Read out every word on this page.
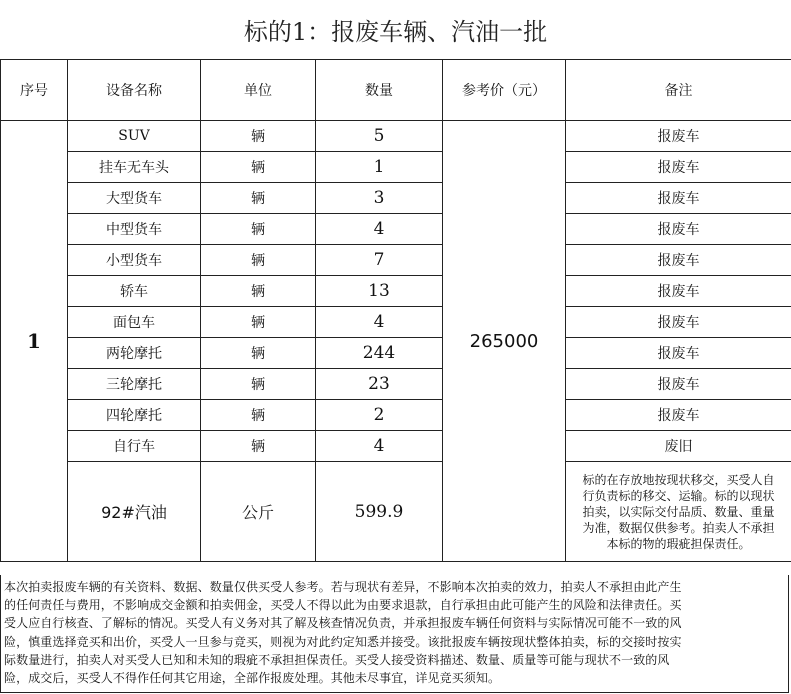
标的1：报废车辆、汽油一批
序号	设备名称	单位	数量	参考价（元）	备注
1	SUV	辆	5	265000	报废车
	挂车无车头	辆	1		报废车
	大型货车	辆	3		报废车
	中型货车	辆	4		报废车
	小型货车	辆	7		报废车
	轿车	辆	13		报废车
	面包车	辆	4		报废车
	两轮摩托	辆	244		报废车
	三轮摩托	辆	23		报废车
	四轮摩托	辆	2		报废车
	自行车	辆	4		废旧
	92#汽油	公斤	599.9		标的在存放地按现状移交，买受人自
行负责标的移交、运输。标的以现状
拍卖，以实际交付品质、数量、重量
为准，数据仅供参考。拍卖人不承担
本标的物的瑕疵担保责任。
本次拍卖报废车辆的有关资料、数据、数量仅供买受人参考。若与现状有差异，不影响本次拍卖的效力，拍卖人不承担由此产生
的任何责任与费用，不影响成交金额和拍卖佣金，买受人不得以此为由要求退款，自行承担由此可能产生的风险和法律责任。买
受人应自行核查、了解标的情况。买受人有义务对其了解及核查情况负责，并承担报废车辆任何资料与实际情况可能不一致的风
险，慎重选择竞买和出价，买受人一旦参与竞买，则视为对此约定知悉并接受。该批报废车辆按现状整体拍卖，标的交接时按实
际数量进行，拍卖人对买受人已知和未知的瑕疵不承担担保责任。买受人接受资料描述、数量、质量等可能与现状不一致的风
险，成交后，买受人不得作任何其它用途，全部作报废处理。其他未尽事宜，详见竞买须知。
